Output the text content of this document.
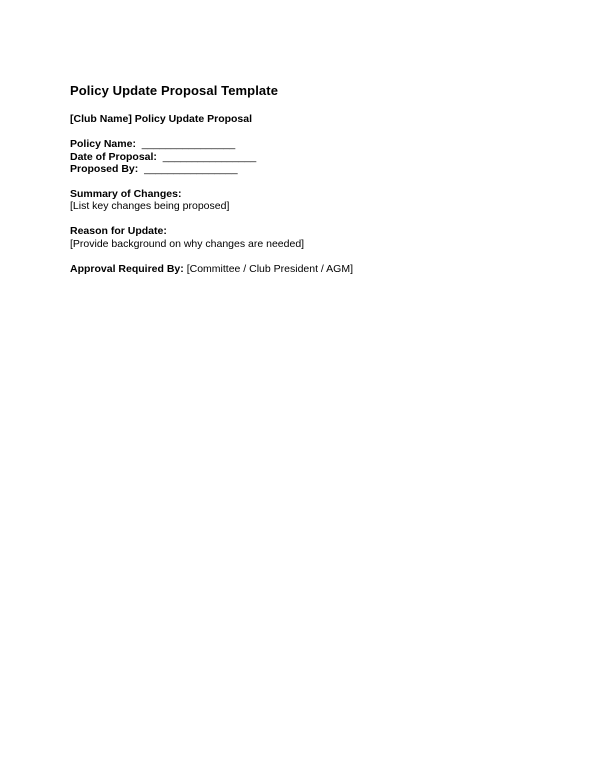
Policy Update Proposal Template
[Club Name] Policy Update Proposal
Policy Name:  ________________
Date of Proposal:  ________________
Proposed By:  ________________
Summary of Changes:
[List key changes being proposed]
Reason for Update:
[Provide background on why changes are needed]
Approval Required By: [Committee / Club President / AGM]
